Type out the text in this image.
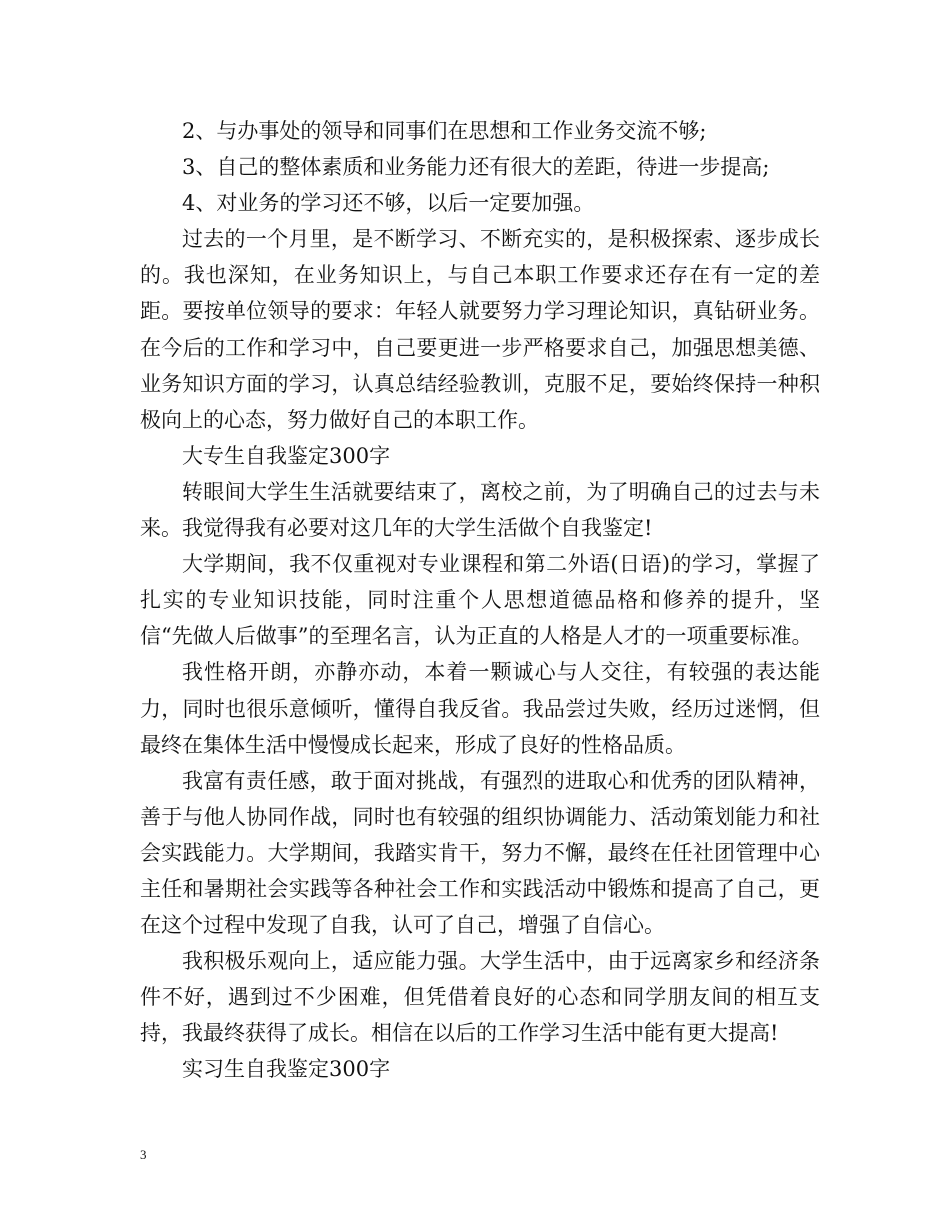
2、与办事处的领导和同事们在思想和工作业务交流不够;

3、自己的整体素质和业务能力还有很大的差距，待进一步提高;

4、对业务的学习还不够，以后一定要加强。

过去的一个月里，是不断学习、不断充实的，是积极探索、逐步成长的。我也深知，在业务知识上，与自己本职工作要求还存在有一定的差距。要按单位领导的要求：年轻人就要努力学习理论知识，真钻研业务。在今后的工作和学习中，自己要更进一步严格要求自己，加强思想美德、业务知识方面的学习，认真总结经验教训，克服不足，要始终保持一种积极向上的心态，努力做好自己的本职工作。

大专生自我鉴定300字

转眼间大学生生活就要结束了，离校之前，为了明确自己的过去与未来。我觉得我有必要对这几年的大学生活做个自我鉴定!

大学期间，我不仅重视对专业课程和第二外语(日语)的学习，掌握了扎实的专业知识技能，同时注重个人思想道德品格和修养的提升，坚信“先做人后做事”的至理名言，认为正直的人格是人才的一项重要标准。

我性格开朗，亦静亦动，本着一颗诚心与人交往，有较强的表达能力，同时也很乐意倾听，懂得自我反省。我品尝过失败，经历过迷惘，但最终在集体生活中慢慢成长起来，形成了良好的性格品质。

我富有责任感，敢于面对挑战，有强烈的进取心和优秀的团队精神，善于与他人协同作战，同时也有较强的组织协调能力、活动策划能力和社会实践能力。大学期间，我踏实肯干，努力不懈，最终在任社团管理中心主任和暑期社会实践等各种社会工作和实践活动中锻炼和提高了自己，更在这个过程中发现了自我，认可了自己，增强了自信心。

我积极乐观向上，适应能力强。大学生活中，由于远离家乡和经济条件不好，遇到过不少困难，但凭借着良好的心态和同学朋友间的相互支持，我最终获得了成长。相信在以后的工作学习生活中能有更大提高!

实习生自我鉴定300字

3
